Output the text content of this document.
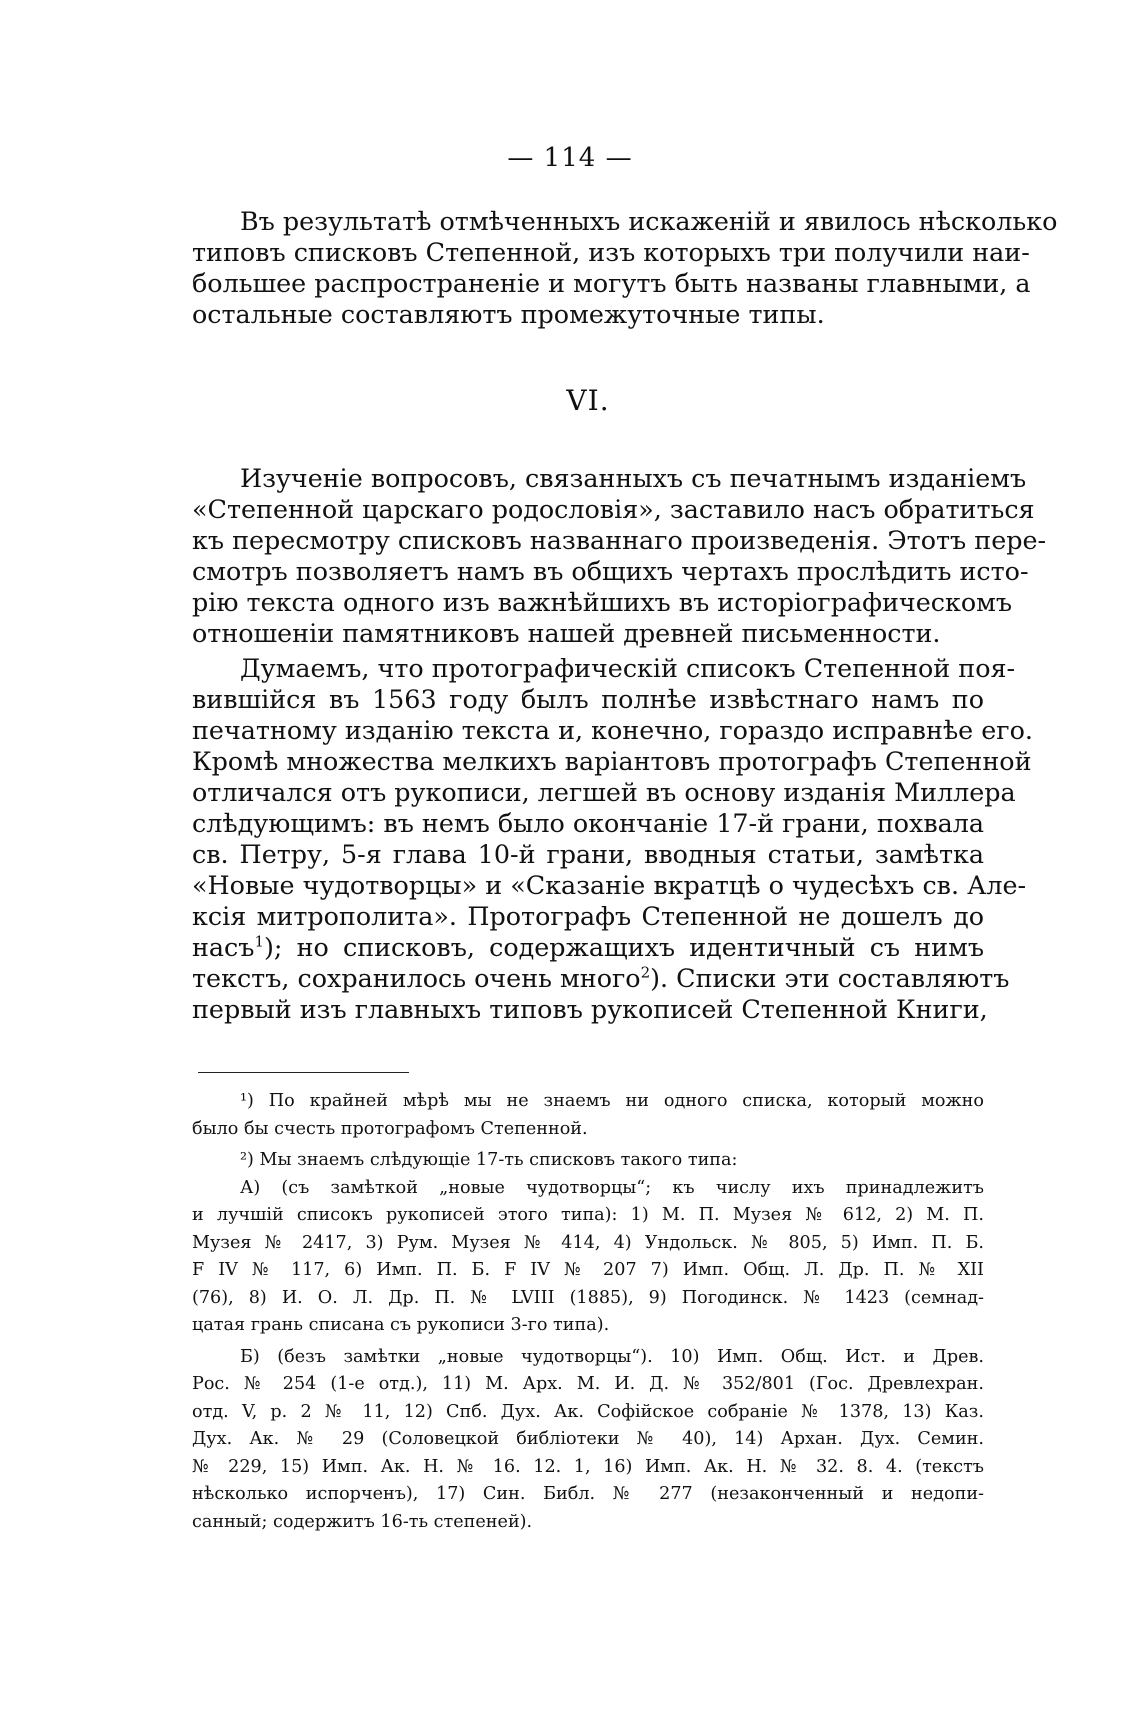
— 114 —

Въ результатѣ отмѣченныхъ искаженій и явилось нѣсколько
типовъ списковъ Степенной, изъ которыхъ три получили наи-
большее распространеніе и могутъ быть названы главными, а
остальные составляютъ промежуточные типы.

VI.

Изученіе вопросовъ, связанныхъ съ печатнымъ изданіемъ
«Степенной царскаго родословія», заставило насъ обратиться
къ пересмотру списковъ названнаго произведенія. Этотъ пере-
смотръ позволяетъ намъ въ общихъ чертахъ прослѣдить исто-
рію текста одного изъ важнѣйшихъ въ исторіографическомъ
отношеніи памятниковъ нашей древней письменности.

Думаемъ, что протографическій списокъ Степенной поя-
вившійся въ 1563 году былъ полнѣе извѣстнаго намъ по
печатному изданію текста и, конечно, гораздо исправнѣе его.
Кромѣ множества мелкихъ варіантовъ протографъ Степенной
отличался отъ рукописи, легшей въ основу изданія Миллера
слѣдующимъ: въ немъ было окончаніе 17-й грани, похвала
св. Петру, 5-я глава 10-й грани, вводныя статьи, замѣтка
«Новые чудотворцы» и «Сказаніе вкратцѣ о чудесѣхъ св. Але-
ксія митрополита». Протографъ Степенной не дошелъ до
насъ$^1$); но списковъ, содержащихъ идентичный съ нимъ
текстъ, сохранилось очень много$^2$). Списки эти составляютъ
первый изъ главныхъ типовъ рукописей Степенной Книги,

¹) По крайней мѣрѣ мы не знаемъ ни одного списка, который можно
было бы счесть протографомъ Степенной.

²) Мы знаемъ слѣдующіе 17-ть списковъ такого типа:
А) (съ замѣткой „новые чудотворцы“; къ числу ихъ принадлежитъ
и лучшій списокъ рукописей этого типа): 1) М. П. Музея № 612, 2) М. П.
Музея № 2417, 3) Рум. Музея № 414, 4) Ундольск. № 805, 5) Имп. П. Б.
F IV № 117, 6) Имп. П. Б. F IV № 207 7) Имп. Общ. Л. Др. П. № XII
(76), 8) И. О. Л. Др. П. № LVIII (1885), 9) Погодинск. № 1423 (семнад-
цатая грань списана съ рукописи 3-го типа).

Б) (безъ замѣтки „новые чудотворцы“). 10) Имп. Общ. Ист. и Древ.
Рос. № 254 (1-е отд.), 11) М. Арх. М. И. Д. № 352/801 (Гос. Древлехран.
отд. V, р. 2 № 11, 12) Спб. Дух. Ак. Софійское собраніе № 1378, 13) Каз.
Дух. Ак. № 29 (Соловецкой библіотеки № 40), 14) Архан. Дух. Семин.
№ 229, 15) Имп. Ак. Н. № 16. 12. 1, 16) Имп. Ак. Н. № 32. 8. 4. (текстъ
нѣсколько испорченъ), 17) Син. Библ. № 277 (незаконченный и недопи-
санный; содержитъ 16-ть степеней).
